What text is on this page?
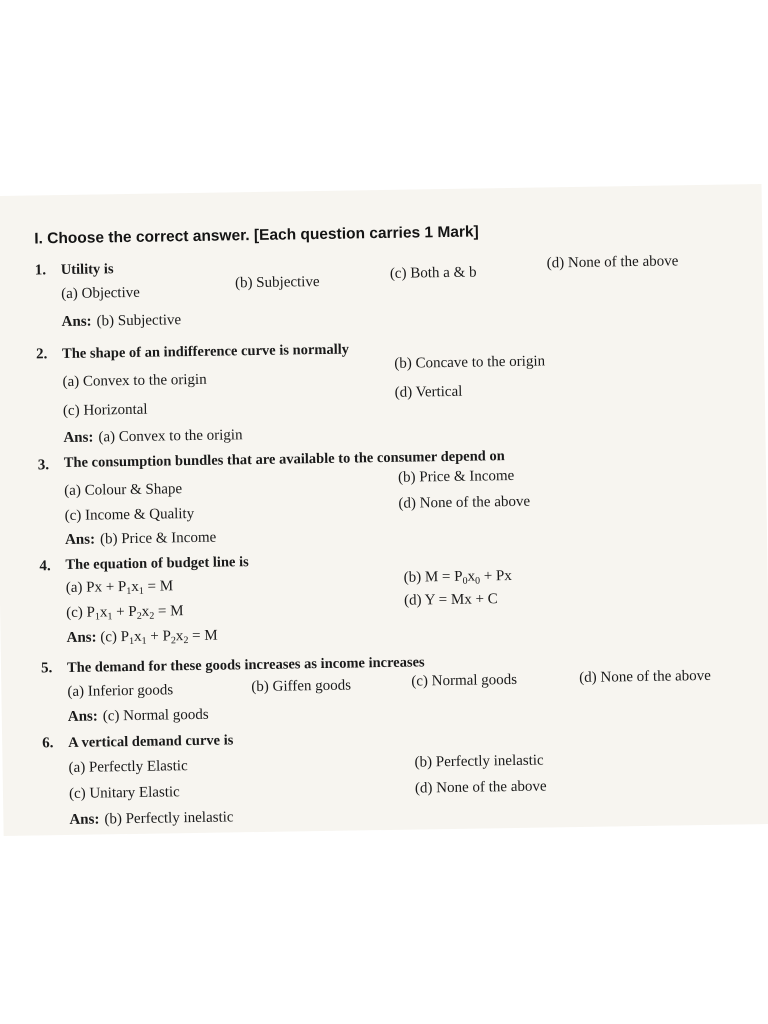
I. Choose the correct answer. [Each question carries 1 Mark]
1. Utility is
(a) Objective
(b) Subjective
(c) Both a & b
(d) None of the above
Ans: (b) Subjective
2. The shape of an indifference curve is normally
(a) Convex to the origin
(b) Concave to the origin
(c) Horizontal
(d) Vertical
Ans: (a) Convex to the origin
3. The consumption bundles that are available to the consumer depend on
(a) Colour & Shape
(b) Price & Income
(c) Income & Quality
(d) None of the above
Ans: (b) Price & Income
4. The equation of budget line is
(a) $Px + P_1x_1 = M$
(b) $M = P_0x_0 + Px$
(c) $P_1x_1 + P_2x_2 = M$
(d) Y = Mx + C
Ans: (c) $P_1x_1 + P_2x_2 = M$
5. The demand for these goods increases as income increases
(a) Inferior goods	(b) Giffen goods	(c) Normal goods	(d) None of the above
Ans: (c) Normal goods
6. A vertical demand curve is
(a) Perfectly Elastic	(b) Perfectly inelastic
(c) Unitary Elastic	(d) None of the above
Ans: (b) Perfectly inelastic
